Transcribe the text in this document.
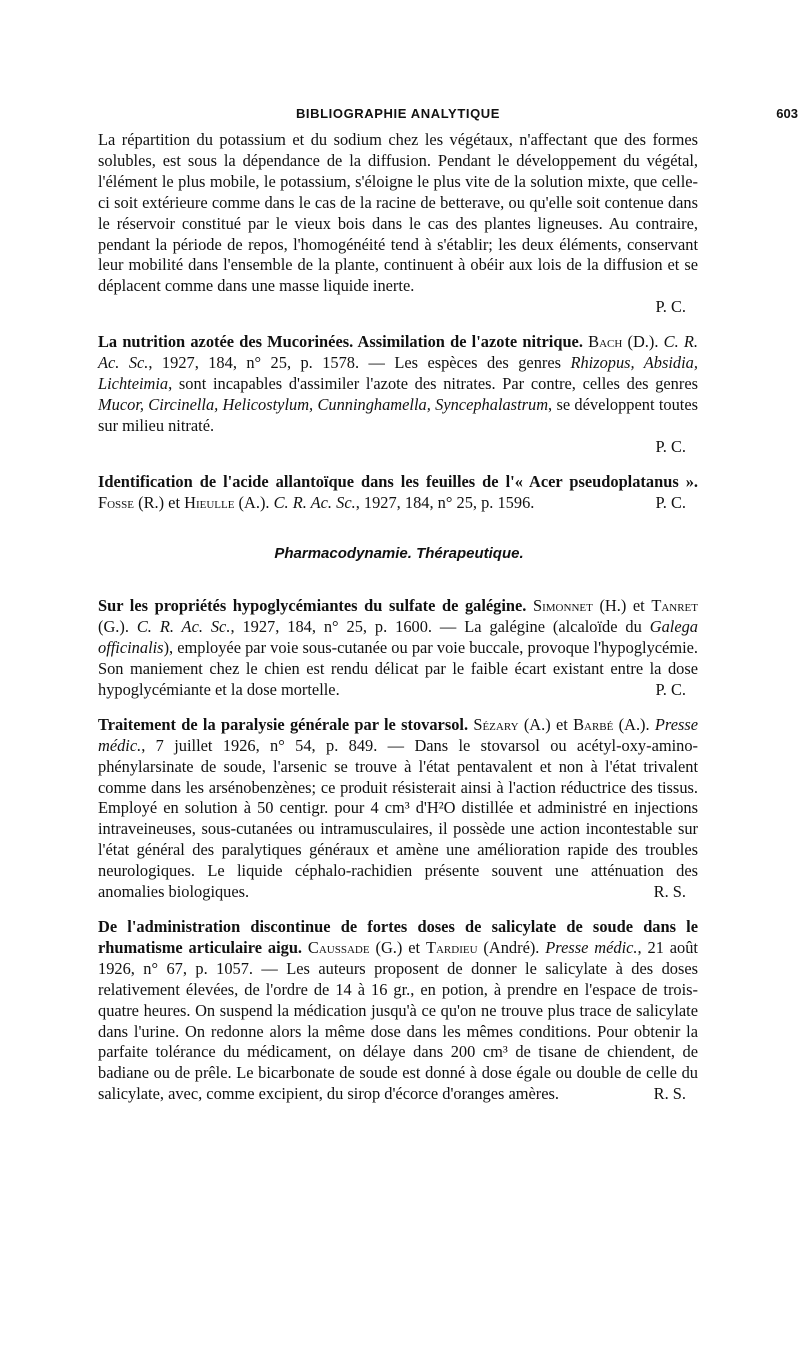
BIBLIOGRAPHIE ANALYTIQUE	603

La répartition du potassium et du sodium chez les végétaux, n'affectant que des formes solubles, est sous la dépendance de la diffusion. Pendant le développement du végétal, l'élément le plus mobile, le potassium, s'éloigne le plus vite de la solution mixte, que celle-ci soit extérieure comme dans le cas de la racine de betterave, ou qu'elle soit contenue dans le réservoir constitué par le vieux bois dans le cas des plantes ligneuses. Au contraire, pendant la période de repos, l'homogénéité tend à s'établir; les deux éléments, conservant leur mobilité dans l'ensemble de la plante, continuent à obéir aux lois de la diffusion et se déplacent comme dans une masse liquide inerte.

P. C.

La nutrition azotée des Mucorinées. Assimilation de l'azote nitrique. Bach (D.). C. R. Ac. Sc., 1927, 184, n° 25, p. 1578. — Les espèces des genres Rhizopus, Absidia, Lichteimia, sont incapables d'assimiler l'azote des nitrates. Par contre, celles des genres Mucor, Circinella, Helicostylum, Cunninghamella, Syncephalastrum, se développent toutes sur milieu nitraté.

P. C.

Identification de l'acide allantoïque dans les feuilles de l'« Acer pseudoplatanus ». Fosse (R.) et Hieulle (A.). C. R. Ac. Sc., 1927, 184, n° 25, p. 1596.	P. C.

Pharmacodynamie. Thérapeutique.

Sur les propriétés hypoglycémiantes du sulfate de galégine. Simonnet (H.) et Tanret (G.). C. R. Ac. Sc., 1927, 184, n° 25, p. 1600. — La galégine (alcaloïde du Galega officinalis), employée par voie sous-cutanée ou par voie buccale, provoque l'hypoglycémie. Son maniement chez le chien est rendu délicat par le faible écart existant entre la dose hypoglycémiante et la dose mortelle.	P. C.

Traitement de la paralysie générale par le stovarsol. Sézary (A.) et Barbé (A.). Presse médic., 7 juillet 1926, n° 54, p. 849. — Dans le stovarsol ou acétyl-oxy-amino-phénylarsinate de soude, l'arsenic se trouve à l'état pentavalent et non à l'état trivalent comme dans les arsénobenzènes; ce produit résisterait ainsi à l'action réductrice des tissus. Employé en solution à 50 centigr. pour 4 cm³ d'H²O distillée et administré en injections intraveineuses, sous-cutanées ou intramusculaires, il possède une action incontestable sur l'état général des paralytiques généraux et amène une amélioration rapide des troubles neurologiques. Le liquide céphalo-rachidien présente souvent une atténuation des anomalies biologiques.	R. S.

De l'administration discontinue de fortes doses de salicylate de soude dans le rhumatisme articulaire aigu. Caussade (G.) et Tardieu (André). Presse médic., 21 août 1926, n° 67, p. 1057. — Les auteurs proposent de donner le salicylate à des doses relativement élevées, de l'ordre de 14 à 16 gr., en potion, à prendre en l'espace de trois-quatre heures. On suspend la médication jusqu'à ce qu'on ne trouve plus trace de salicylate dans l'urine. On redonne alors la même dose dans les mêmes conditions. Pour obtenir la parfaite tolérance du médicament, on délaye dans 200 cm³ de tisane de chiendent, de badiane ou de prêle. Le bicarbonate de soude est donné à dose égale ou double de celle du salicylate, avec, comme excipient, du sirop d'écorce d'oranges amères.	R. S.
